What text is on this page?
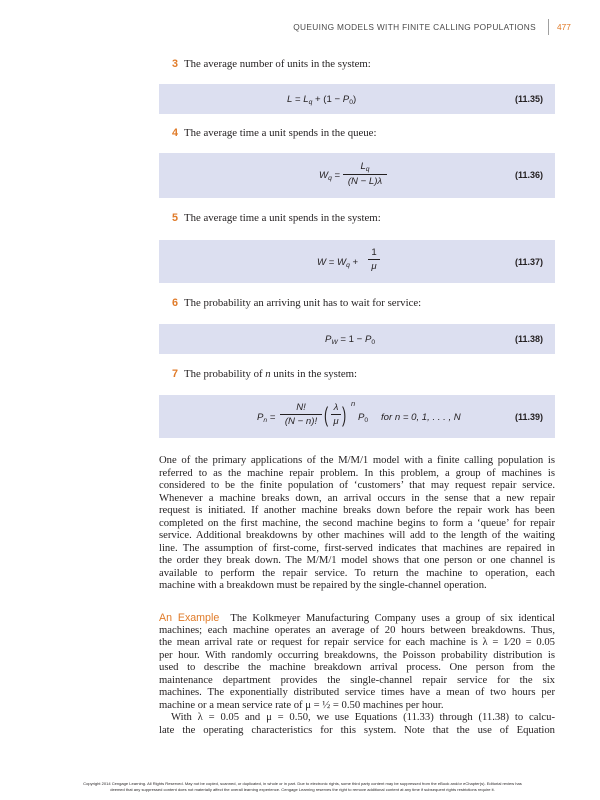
QUEUING MODELS WITH FINITE CALLING POPULATIONS	477
3 The average number of units in the system:
$L = L_q + (1 - P_0)$	(11.35)
4 The average time a unit spends in the queue:
$W_q$ =
$L_q$
(N − L)λ
(11.36)
5 The average time a unit spends in the system:
$W = W_q$ +
1
μ	(11.37)
6 The probability an arriving unit has to wait for service:
$P_W = 1 - P_0$	(11.38)
7 The probability of n units in the system:
$P_n$ =
N!
(N − n)! ( λ
μ )
n
$P_0$ for n = 0, 1, . . . , N	(11.39)
One of the primary applications of the M/M/1 model with a finite calling population is
referred to as the machine repair problem. In this problem, a group of machines is
considered to be the finite population of ‘customers’ that may request repair service.
Whenever a machine breaks down, an arrival occurs in the sense that a new repair
request is initiated. If another machine breaks down before the repair work has been
completed on the first machine, the second machine begins to form a ‘queue’ for repair
service. Additional breakdowns by other machines will add to the length of the waiting
line. The assumption of first-come, first-served indicates that machines are repaired in
the order they break down. The M/M/1 model shows that one person or one channel is
available to perform the repair service. To return the machine to operation, each
machine with a breakdown must be repaired by the single-channel operation.
An Example The Kolkmeyer Manufacturing Company uses a group of six identical
machines; each machine operates an average of 20 hours between breakdowns. Thus,
the mean arrival rate or request for repair service for each machine is λ = 1⁄20 = 0.05
per hour. With randomly occurring breakdowns, the Poisson probability distribution is
used to describe the machine breakdown arrival process. One person from the
maintenance department provides the single-channel repair service for the six
machines. The exponentially distributed service times have a mean of two hours per
machine or a mean service rate of μ = ½ = 0.50 machines per hour.
With λ = 0.05 and μ = 0.50, we use Equations (11.33) through (11.38) to calcu-
late the operating characteristics for this system. Note that the use of Equation
Copyright 2014 Cengage Learning. All Rights Reserved. May not be copied, scanned, or duplicated, in whole or in part. Due to electronic rights, some third party content may be suppressed from the eBook and/or eChapter(s). Editorial review has
deemed that any suppressed content does not materially affect the overall learning experience. Cengage Learning reserves the right to remove additional content at any time if subsequent rights restrictions require it.
